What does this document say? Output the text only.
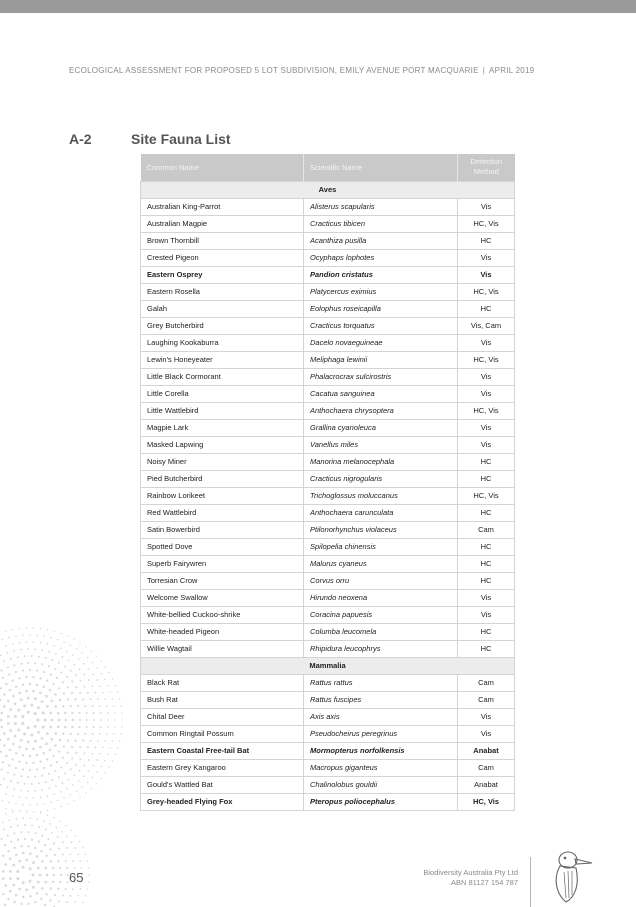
ECOLOGICAL ASSESSMENT FOR PROPOSED 5 LOT SUBDIVISION, EMILY AVENUE PORT MACQUARIE | APRIL 2019
A-2	Site Fauna List
Common Name	Scientific Name	Detection Method
Aves		
Australian King-Parrot	Alisterus scapularis	Vis
Australian Magpie	Cracticus tibicen	HC, Vis
Brown Thornbill	Acanthiza pusilla	HC
Crested Pigeon	Ocyphaps lophotes	Vis
Eastern Osprey	Pandion cristatus	Vis
Eastern Rosella	Platycercus eximius	HC, Vis
Galah	Eolophus roseicapilla	HC
Grey Butcherbird	Cracticus torquatus	Vis, Cam
Laughing Kookaburra	Dacelo novaeguineae	Vis
Lewin's Honeyeater	Meliphaga lewinii	HC, Vis
Little Black Cormorant	Phalacrocrax sulcirostris	Vis
Little Corella	Cacatua sanguinea	Vis
Little Wattlebird	Anthochaera chrysoptera	HC, Vis
Magpie Lark	Grallina cyanoleuca	Vis
Masked Lapwing	Vanellus miles	Vis
Noisy Miner	Manorina melanocephala	HC
Pied Butcherbird	Cracticus nigrogularis	HC
Rainbow Lorikeet	Trichoglossus moluccanus	HC, Vis
Red Wattlebird	Anthochaera carunculata	HC
Satin Bowerbird	Ptilonorhynchus violaceus	Cam
Spotted Dove	Spilopelia chinensis	HC
Superb Fairywren	Malurus cyaneus	HC
Torresian Crow	Corvus orru	HC
Welcome Swallow	Hirundo neoxena	Vis
White-bellied Cuckoo-shrike	Coracina papuesis	Vis
White-headed Pigeon	Columba leucomela	HC
Willie Wagtail	Rhipidura leucophrys	HC
Mammalia		
Black Rat	Rattus rattus	Cam
Bush Rat	Rattus fuscipes	Cam
Chital Deer	Axis axis	Vis
Common Ringtail Possum	Pseudocheirus peregrinus	Vis
Eastern Coastal Free-tail Bat	Mormopterus norfolkensis	Anabat
Eastern Grey Kangaroo	Macropus giganteus	Cam
Gould's Wattled Bat	Chalinolobus gouldii	Anabat
Grey-headed Flying Fox	Pteropus poliocephalus	HC, Vis
65	Biodiversity Australia Pty Ltd
ABN 81127 154 787
